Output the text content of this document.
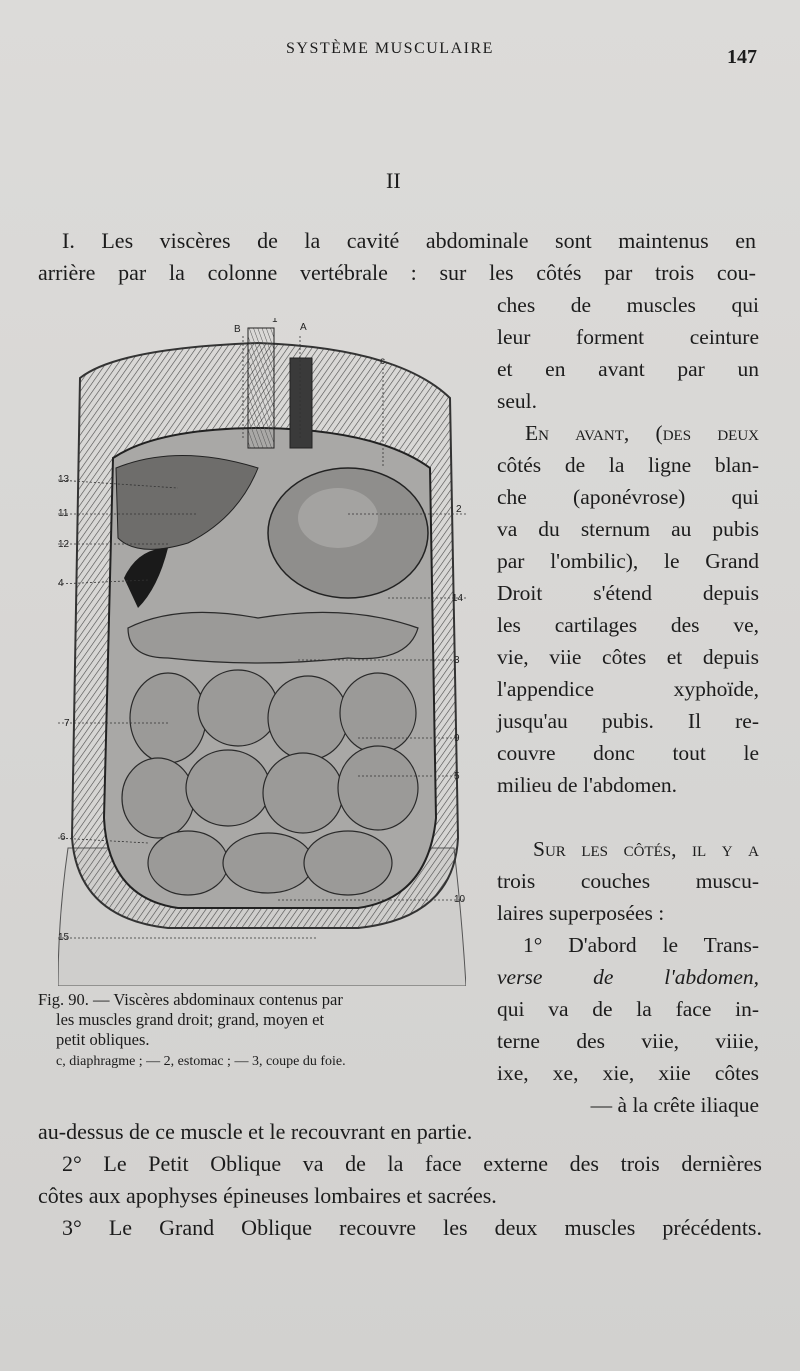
SYSTÈME MUSCULAIRE	147
II
I. Les viscères de la cavité abdominale sont maintenus en
arrière par la colonne vertébrale : sur les côtés par trois cou-
B
1
A
c
13
11
12
4
2
14
3
7
9
5
6
10
15
Fig. 90. — Viscères abdominaux contenus par
les muscles grand droit; grand, moyen et
petit obliques.
c, diaphragme ; — 2, estomac ; — 3, coupe du foie.

ches de muscles qui

leur forment ceinture

et en avant par un

seul.

En avant, (des deux

côtés de la ligne blan-

che (aponévrose) qui

va du sternum au pubis

par l'ombilic), le Grand

Droit s'étend depuis

les cartilages des ve,

vie, viie côtes et depuis

l'appendice xyphoïde,

jusqu'au pubis. Il re-

couvre donc tout le

milieu de l'abdomen.

Sur les côtés, il y a

trois couches muscu-

laires superposées :

1° D'abord le Trans-

verse de l'abdomen,

qui va de la face in-

terne des viie, viiie,

ixe, xe, xie, xiie côtes

— à la crête iliaque

au-dessus de ce muscle et le recouvrant en partie.
2° Le Petit Oblique va de la face externe des trois dernières
côtes aux apophyses épineuses lombaires et sacrées.
3° Le Grand Oblique recouvre les deux muscles précédents.
